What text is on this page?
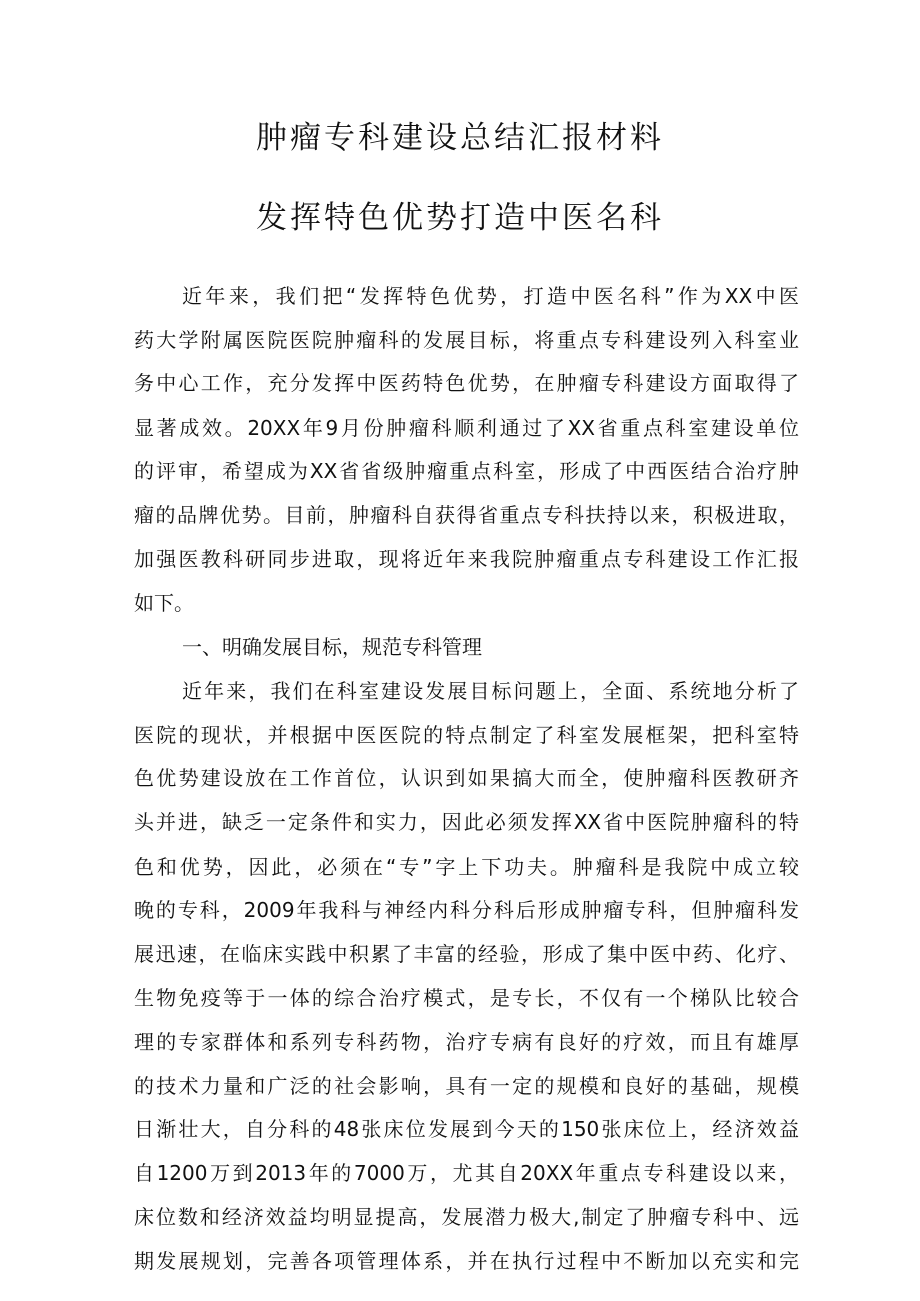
肿瘤专科建设总结汇报材料
发挥特色优势打造中医名科
近年来，我们把“发挥特色优势，打造中医名科”作为XX中医
药大学附属医院医院肿瘤科的发展目标，将重点专科建设列入科室业
务中心工作，充分发挥中医药特色优势，在肿瘤专科建设方面取得了
显著成效。20XX年9月份肿瘤科顺利通过了XX省重点科室建设单位
的评审，希望成为XX省省级肿瘤重点科室，形成了中西医结合治疗肿
瘤的品牌优势。目前，肿瘤科自获得省重点专科扶持以来，积极进取，
加强医教科研同步进取，现将近年来我院肿瘤重点专科建设工作汇报
如下。
一、明确发展目标，规范专科管理
近年来，我们在科室建设发展目标问题上，全面、系统地分析了
医院的现状，并根据中医医院的特点制定了科室发展框架，把科室特
色优势建设放在工作首位，认识到如果搞大而全，使肿瘤科医教研齐
头并进，缺乏一定条件和实力，因此必须发挥XX省中医院肿瘤科的特
色和优势，因此，必须在“专”字上下功夫。肿瘤科是我院中成立较
晚的专科，2009年我科与神经内科分科后形成肿瘤专科，但肿瘤科发
展迅速，在临床实践中积累了丰富的经验，形成了集中医中药、化疗、
生物免疫等于一体的综合治疗模式，是专长，不仅有一个梯队比较合
理的专家群体和系列专科药物，治疗专病有良好的疗效，而且有雄厚
的技术力量和广泛的社会影响，具有一定的规模和良好的基础，规模
日渐壮大，自分科的48张床位发展到今天的150张床位上，经济效益
自1200万到2013年的7000万，尤其自20XX年重点专科建设以来，
床位数和经济效益均明显提高，发展潜力极大,制定了肿瘤专科中、远
期发展规划，完善各项管理体系，并在执行过程中不断加以充实和完
